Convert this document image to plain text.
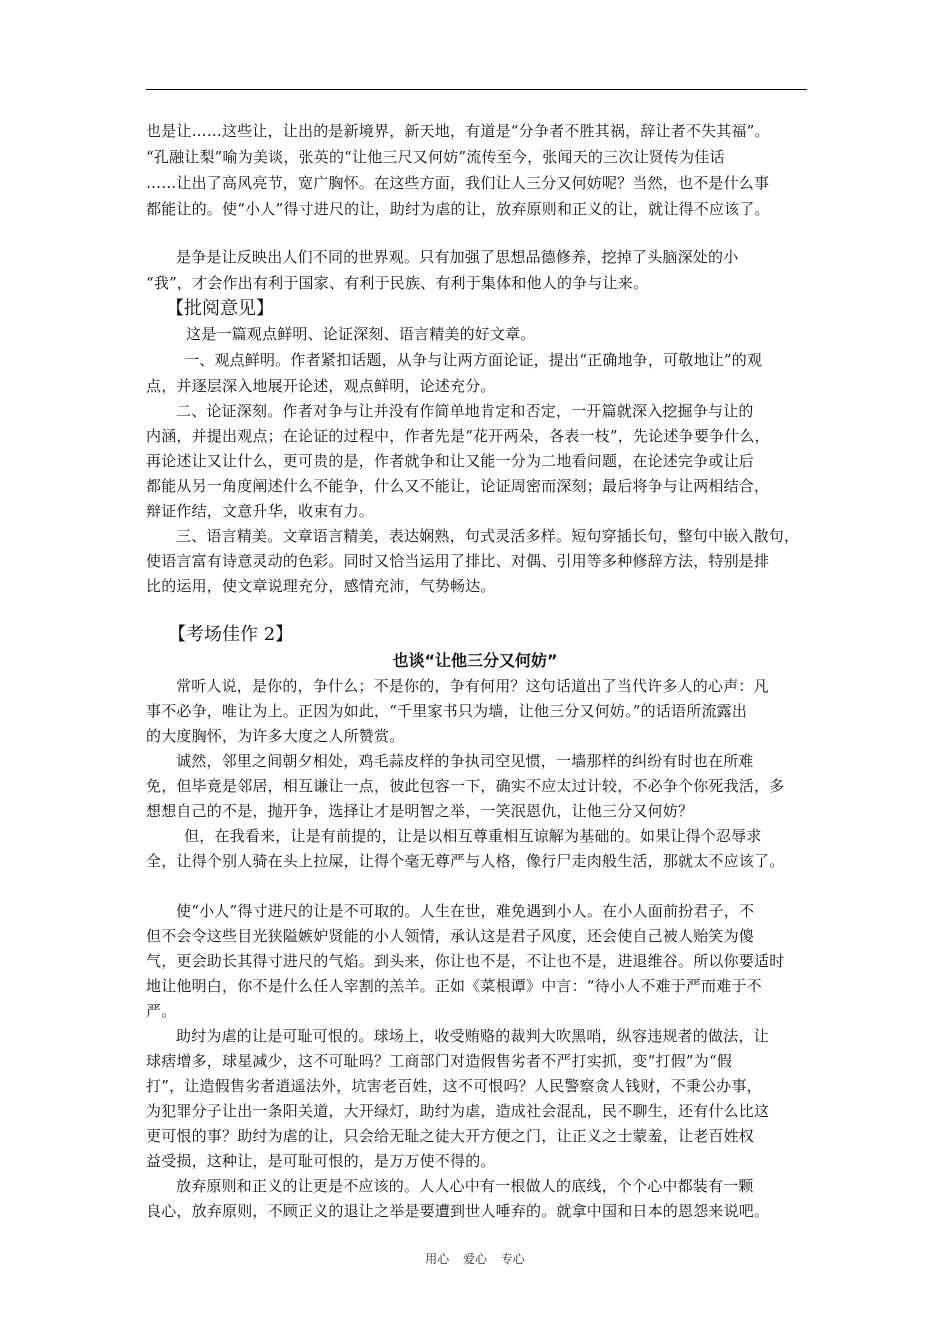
也是让……这些让，让出的是新境界，新天地，有道是“分争者不胜其祸，辞让者不失其福”。
“孔融让梨”喻为美谈，张英的“让他三尺又何妨”流传至今，张闻天的三次让贤传为佳话
……让出了高风亮节，宽广胸怀。在这些方面，我们让人三分又何妨呢？当然，也不是什么事
都能让的。使“小人”得寸进尺的让，助纣为虐的让，放弃原则和正义的让，就让得不应该了。
是争是让反映出人们不同的世界观。只有加强了思想品德修养，挖掉了头脑深处的小
“我”，才会作出有利于国家、有利于民族、有利于集体和他人的争与让来。
【批阅意见】
这是一篇观点鲜明、论证深刻、语言精美的好文章。
一、观点鲜明。作者紧扣话题，从争与让两方面论证，提出“正确地争，可敬地让”的观
点，并逐层深入地展开论述，观点鲜明，论述充分。
二、论证深刻。作者对争与让并没有作简单地肯定和否定，一开篇就深入挖掘争与让的
内涵，并提出观点；在论证的过程中，作者先是“花开两朵，各表一枝”，先论述争要争什么，
再论述让又让什么，更可贵的是，作者就争和让又能一分为二地看问题，在论述完争或让后
都能从另一角度阐述什么不能争，什么又不能让，论证周密而深刻；最后将争与让两相结合，
辩证作结，文意升华，收束有力。
三、语言精美。文章语言精美，表达娴熟，句式灵活多样。短句穿插长句，整句中嵌入散句，
使语言富有诗意灵动的色彩。同时又恰当运用了排比、对偶、引用等多种修辞方法，特别是排
比的运用，使文章说理充分，感情充沛，气势畅达。
【考场佳作 2】
也谈“让他三分又何妨”
常听人说，是你的，争什么；不是你的，争有何用？这句话道出了当代许多人的心声：凡
事不必争，唯让为上。正因为如此，“千里家书只为墙，让他三分又何妨。”的话语所流露出
的大度胸怀，为许多大度之人所赞赏。
诚然，邻里之间朝夕相处，鸡毛蒜皮样的争执司空见惯，一墙那样的纠纷有时也在所难
免，但毕竟是邻居，相互谦让一点，彼此包容一下，确实不应太过计较，不必争个你死我活，多
想想自己的不是，抛开争，选择让才是明智之举，一笑泯恩仇，让他三分又何妨？
但，在我看来，让是有前提的，让是以相互尊重相互谅解为基础的。如果让得个忍辱求
全，让得个别人骑在头上拉屎，让得个毫无尊严与人格，像行尸走肉般生活，那就太不应该了。
使“小人”得寸进尺的让是不可取的。人生在世，难免遇到小人。在小人面前扮君子，不
但不会令这些目光狭隘嫉妒贤能的小人领情，承认这是君子风度，还会使自己被人贻笑为傻
气，更会助长其得寸进尺的气焰。到头来，你让也不是，不让也不是，进退维谷。所以你要适时
地让他明白，你不是什么任人宰割的羔羊。正如《菜根谭》中言：“待小人不难于严而难于不
严。
助纣为虐的让是可耻可恨的。球场上，收受贿赂的裁判大吹黑哨，纵容违规者的做法，让
球痞增多，球星减少，这不可耻吗？工商部门对造假售劣者不严打实抓，变“打假”为“假
打”，让造假售劣者逍遥法外，坑害老百姓，这不可恨吗？人民警察贪人钱财，不秉公办事，
为犯罪分子让出一条阳关道，大开绿灯，助纣为虐，造成社会混乱，民不聊生，还有什么比这
更可恨的事？助纣为虐的让，只会给无耻之徒大开方便之门，让正义之士蒙羞，让老百姓权
益受损，这种让，是可耻可恨的，是万万使不得的。
放弃原则和正义的让更是不应该的。人人心中有一根做人的底线，个个心中都装有一颗
良心，放弃原则，不顾正义的退让之举是要遭到世人唾弃的。就拿中国和日本的恩怨来说吧。
用心 爱心 专心
